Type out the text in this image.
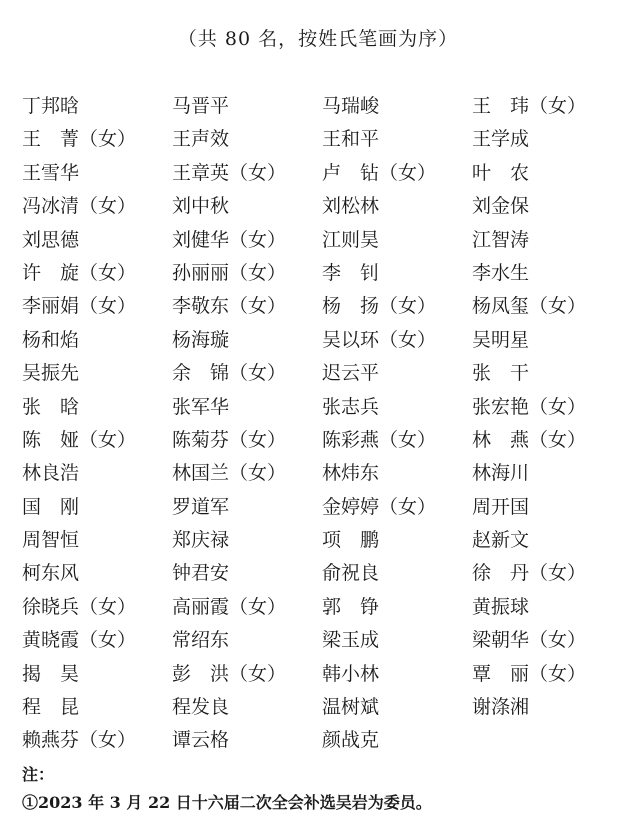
（共 80 名，按姓氏笔画为序）
丁邦晗	马晋平	马瑞峻	王　玮（女）
王　菁（女） 王声效	王和平	王学成
王雪华	王章英（女） 卢　钻（女） 叶　农
冯冰清（女） 刘中秋	刘松林	刘金保
刘思德	刘健华（女） 江则昊	江智涛
许　旋（女） 孙丽丽（女） 李　钊	李水生
李丽娟（女） 李敬东（女） 杨　扬（女） 杨凤玺（女）
杨和焰	杨海璇	吴以环（女） 吴明星
吴振先	余　锦（女） 迟云平	张　干
张　晗	张军华	张志兵	张宏艳（女）
陈　娅（女） 陈菊芬（女） 陈彩燕（女） 林　燕（女）
林良浩	林国兰（女） 林炜东	林海川
国　刚	罗道军	金婷婷（女） 周开国
周智恒	郑庆禄	项　鹏	赵新文
柯东风	钟君安	俞祝良	徐　丹（女）
徐晓兵（女） 高丽霞（女） 郭　铮	黄振球
黄晓霞（女） 常绍东	梁玉成	梁朝华（女）
揭　昊	彭　洪（女） 韩小林	覃　丽（女）
程　昆	程发良	温树斌	谢涤湘
赖燕芬（女） 谭云格	颜战克
注：
①2023 年 3 月 22 日十六届二次全会补选吴岩为委员。
